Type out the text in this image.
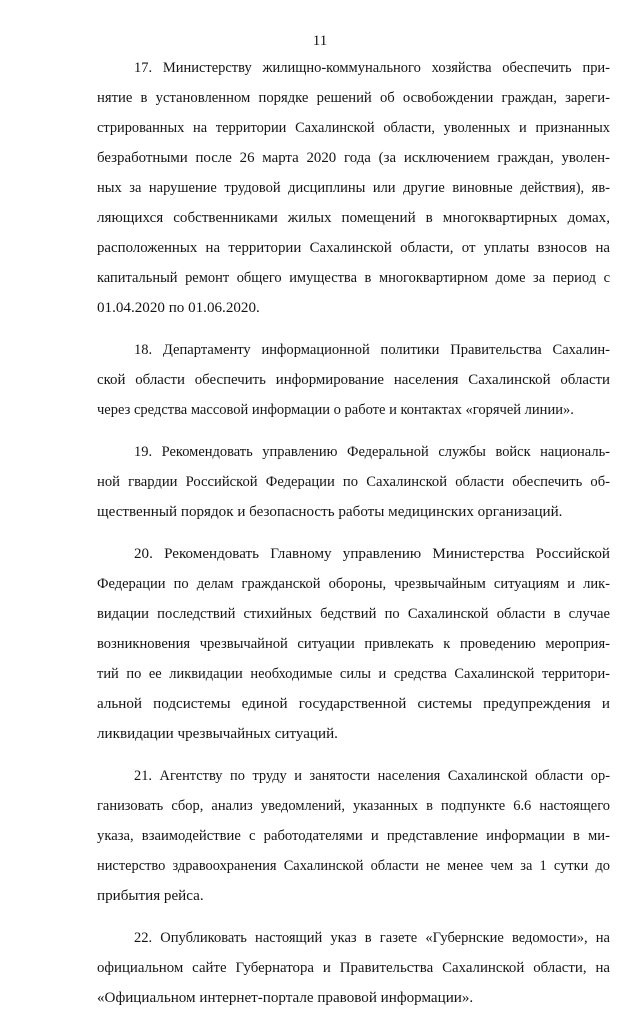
11

17. Министерству жилищно-коммунального хозяйства обеспечить при-
нятие в установленном порядке решений об освобождении граждан, зареги-
стрированных на территории Сахалинской области, уволенных и признанных
безработными после 26 марта 2020 года (за исключением граждан, уволен-
ных за нарушение трудовой дисциплины или другие виновные действия), яв-
ляющихся собственниками жилых помещений в многоквартирных домах,
расположенных на территории Сахалинской области, от уплаты взносов на
капитальный ремонт общего имущества в многоквартирном доме за период с
01.04.2020 по 01.06.2020.

18. Департаменту информационной политики Правительства Сахалин-
ской области обеспечить информирование населения Сахалинской области
через средства массовой информации о работе и контактах «горячей линии».

19. Рекомендовать управлению Федеральной службы войск националь-
ной гвардии Российской Федерации по Сахалинской области обеспечить об-
щественный порядок и безопасность работы медицинских организаций.

20. Рекомендовать Главному управлению Министерства Российской
Федерации по делам гражданской обороны, чрезвычайным ситуациям и лик-
видации последствий стихийных бедствий по Сахалинской области в случае
возникновения чрезвычайной ситуации привлекать к проведению мероприя-
тий по ее ликвидации необходимые силы и средства Сахалинской территори-
альной подсистемы единой государственной системы предупреждения и
ликвидации чрезвычайных ситуаций.

21. Агентству по труду и занятости населения Сахалинской области ор-
ганизовать сбор, анализ уведомлений, указанных в подпункте 6.6 настоящего
указа, взаимодействие с работодателями и представление информации в ми-
нистерство здравоохранения Сахалинской области не менее чем за 1 сутки до
прибытия рейса.

22. Опубликовать настоящий указ в газете «Губернские ведомости», на
официальном сайте Губернатора и Правительства Сахалинской области, на
«Официальном интернет-портале правовой информации».
